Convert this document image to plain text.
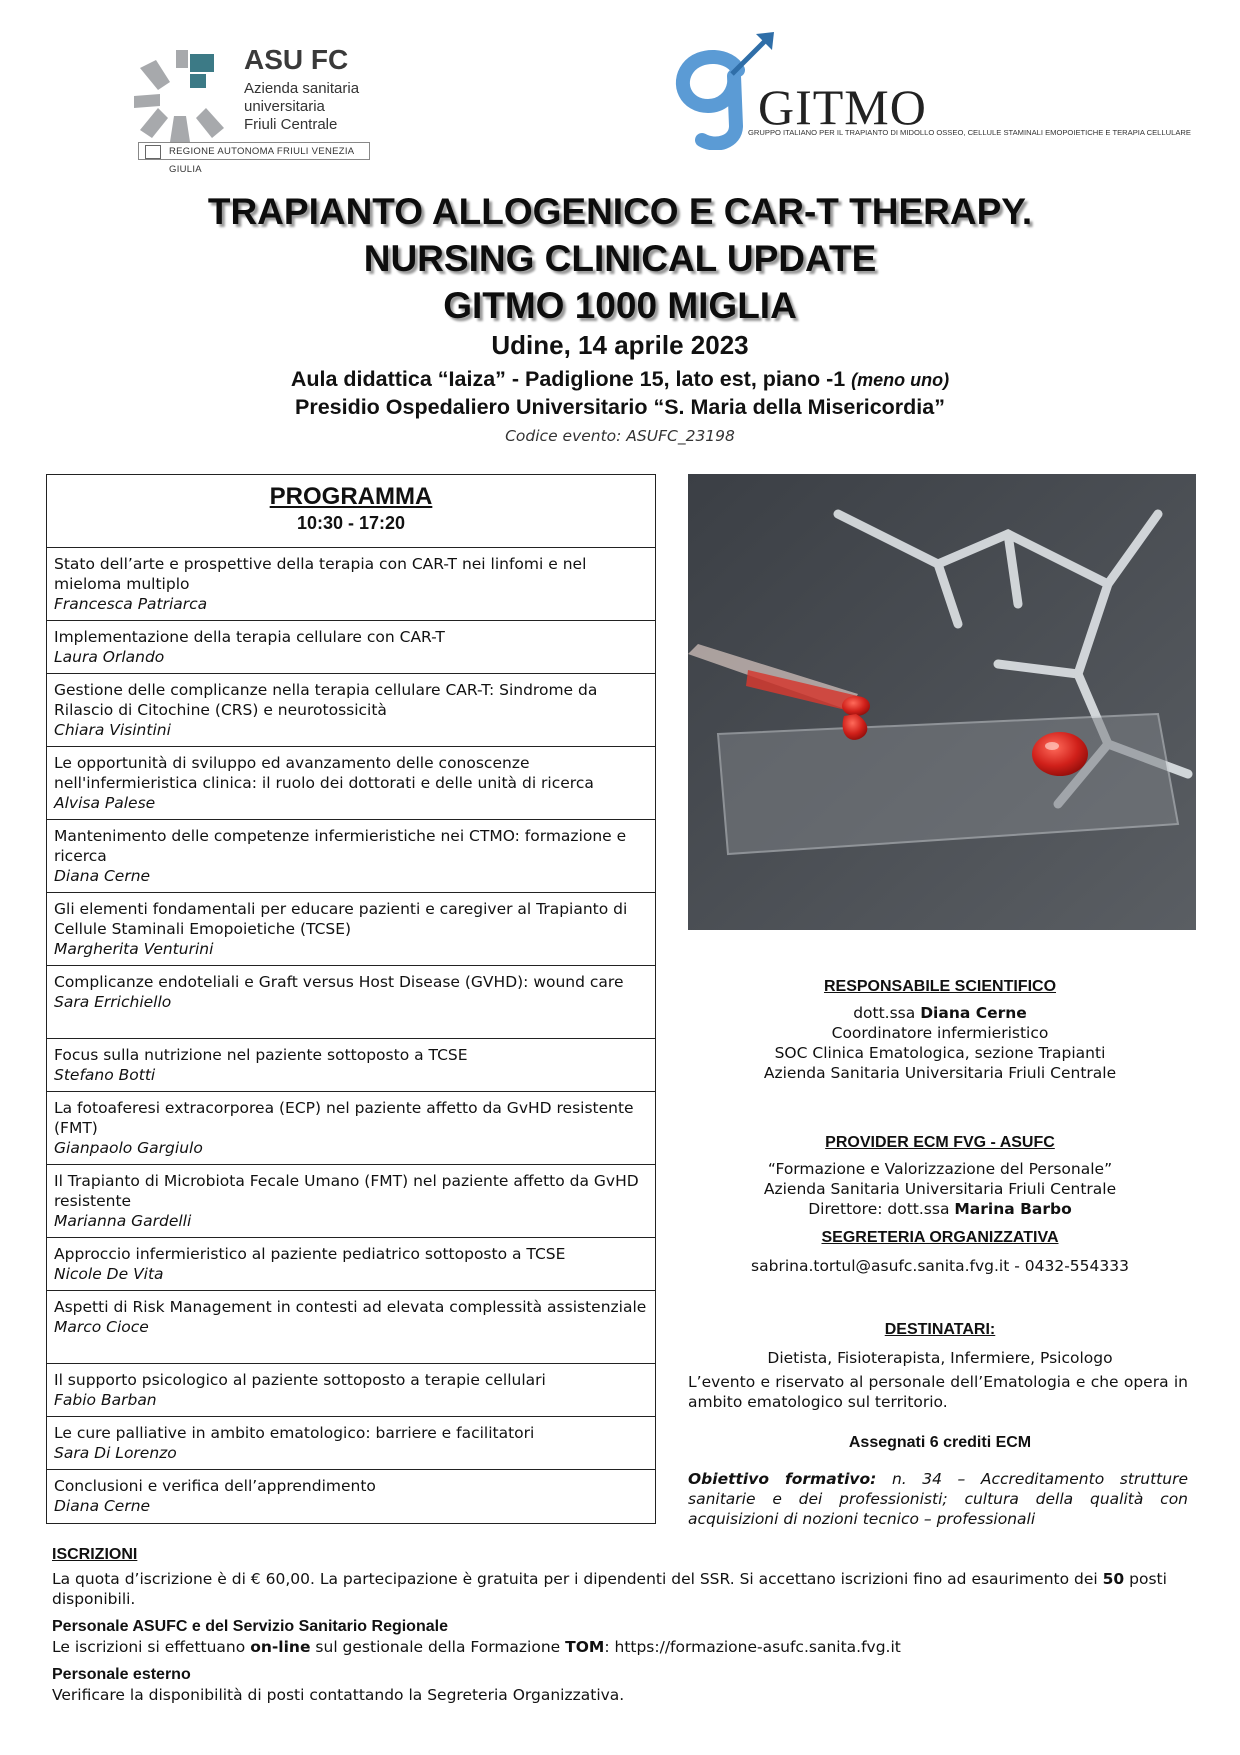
ASU FC
Azienda sanitaria
universitaria
Friuli Centrale
REGIONE AUTONOMA FRIULI VENEZIA GIULIA
GITMO
GRUPPO ITALIANO PER IL TRAPIANTO DI MIDOLLO OSSEO, CELLULE STAMINALI EMOPOIETICHE E TERAPIA CELLULARE
TRAPIANTO ALLOGENICO E CAR-T THERAPY.
NURSING CLINICAL UPDATE
GITMO 1000 MIGLIA
Udine, 14 aprile 2023
Aula didattica “Iaiza” - Padiglione 15, lato est, piano -1 (meno uno)
Presidio Ospedaliero Universitario “S. Maria della Misericordia”
Codice evento: ASUFC_23198
PROGRAMMA
10:30 - 17:20
Stato dell’arte e prospettive della terapia con CAR-T nei linfomi e nel mieloma multiplo
Francesca Patriarca
Implementazione della terapia cellulare con CAR-T
Laura Orlando
Gestione delle complicanze nella terapia cellulare CAR-T: Sindrome da Rilascio di Citochine (CRS) e neurotossicità
Chiara Visintini
Le opportunità di sviluppo ed avanzamento delle conoscenze nell'infermieristica clinica: il ruolo dei dottorati e delle unità di ricerca
Alvisa Palese
Mantenimento delle competenze infermieristiche nei CTMO: formazione e ricerca
Diana Cerne
Gli elementi fondamentali per educare pazienti e caregiver al Trapianto di Cellule Staminali Emopoietiche (TCSE)
Margherita Venturini
Complicanze endoteliali e Graft versus Host Disease (GVHD): wound care
Sara Errichiello
Focus sulla nutrizione nel paziente sottoposto a TCSE
Stefano Botti
La fotoaferesi extracorporea (ECP) nel paziente affetto da GvHD resistente (FMT)
Gianpaolo Gargiulo
Il Trapianto di Microbiota Fecale Umano (FMT) nel paziente affetto da GvHD resistente
Marianna Gardelli
Approccio infermieristico al paziente pediatrico sottoposto a TCSE
Nicole De Vita
Aspetti di Risk Management in contesti ad elevata complessità assistenziale
Marco Cioce
Il supporto psicologico al paziente sottoposto a terapie cellulari
Fabio Barban
Le cure palliative in ambito ematologico: barriere e facilitatori
Sara Di Lorenzo
Conclusioni e verifica dell’apprendimento
Diana Cerne
RESPONSABILE SCIENTIFICO
dott.ssa Diana Cerne
Coordinatore infermieristico
SOC Clinica Ematologica, sezione Trapianti
Azienda Sanitaria Universitaria Friuli Centrale
PROVIDER ECM FVG - ASUFC
“Formazione e Valorizzazione del Personale”
Azienda Sanitaria Universitaria Friuli Centrale
Direttore: dott.ssa Marina Barbo
SEGRETERIA ORGANIZZATIVA
sabrina.tortul@asufc.sanita.fvg.it - 0432-554333
DESTINATARI:
Dietista, Fisioterapista, Infermiere, Psicologo
L’evento e riservato al personale dell’Ematologia e che opera in ambito ematologico sul territorio.
Assegnati 6 crediti ECM
Obiettivo formativo: n. 34 – Accreditamento strutture sanitarie e dei professionisti; cultura della qualità con acquisizioni di nozioni tecnico – professionali
ISCRIZIONI

La quota d’iscrizione è di € 60,00. La partecipazione è gratuita per i dipendenti del SSR. Si accettano iscrizioni fino ad esaurimento dei 50 posti disponibili.

Personale ASUFC e del Servizio Sanitario Regionale

Le iscrizioni si effettuano on-line sul gestionale della Formazione TOM: https://formazione-asufc.sanita.fvg.it

Personale esterno

Verificare la disponibilità di posti contattando la Segreteria Organizzativa.
